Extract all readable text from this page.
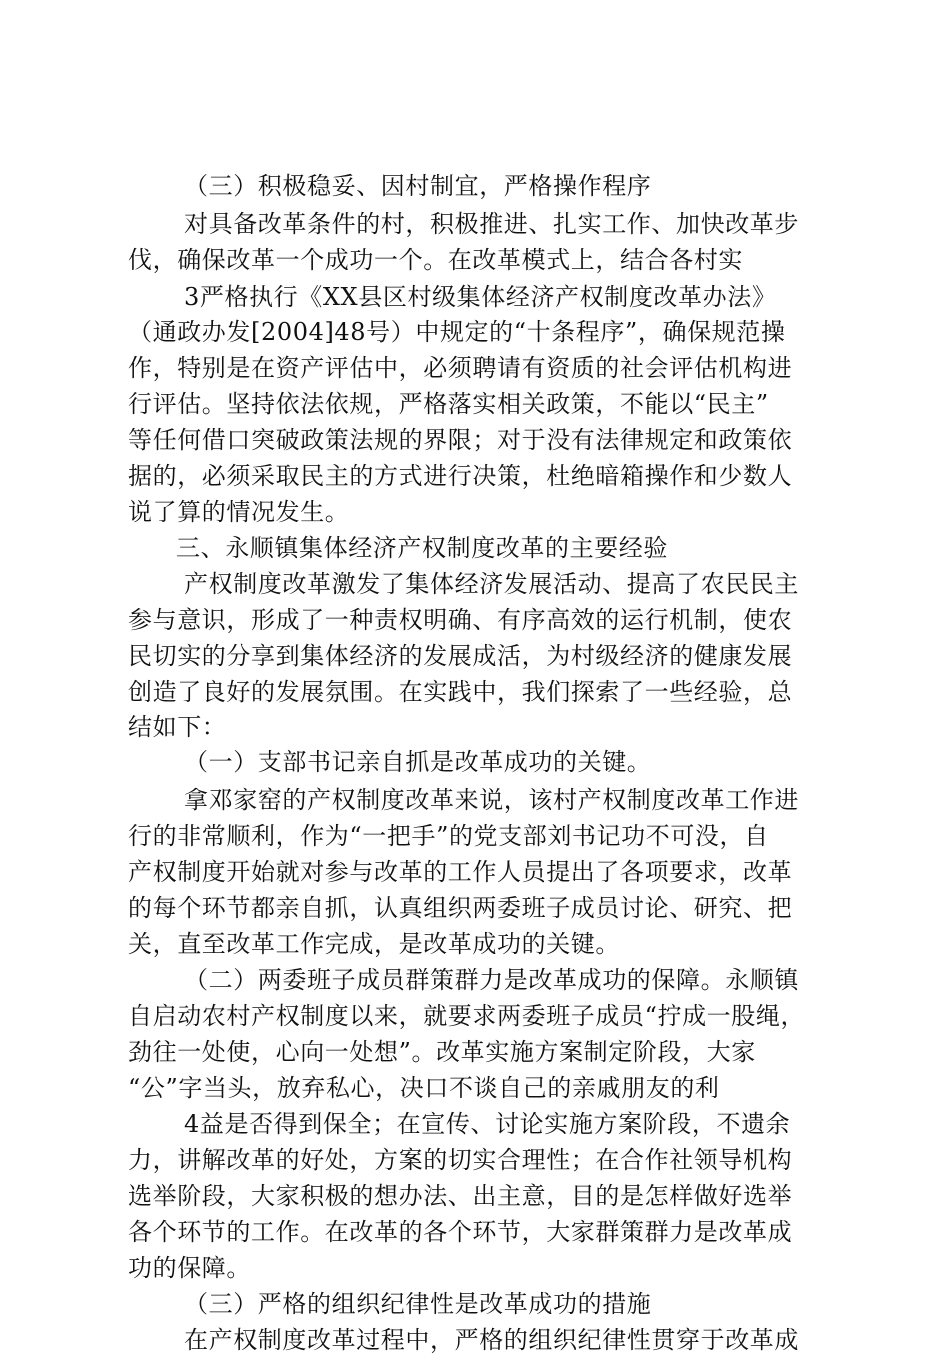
（三）积极稳妥、因村制宜，严格操作程序
对具备改革条件的村，积极推进、扎实工作、加快改革步
伐，确保改革一个成功一个。在改革模式上，结合各村实
3严格执行《XX县区村级集体经济产权制度改革办法》
（通政办发[2004]48号）中规定的“十条程序”，确保规范操
作，特别是在资产评估中，必须聘请有资质的社会评估机构进
行评估。坚持依法依规，严格落实相关政策，不能以“民主”
等任何借口突破政策法规的界限；对于没有法律规定和政策依
据的，必须采取民主的方式进行决策，杜绝暗箱操作和少数人
说了算的情况发生。
三、永顺镇集体经济产权制度改革的主要经验
产权制度改革激发了集体经济发展活动、提高了农民民主
参与意识，形成了一种责权明确、有序高效的运行机制，使农
民切实的分享到集体经济的发展成活，为村级经济的健康发展
创造了良好的发展氛围。在实践中，我们探索了一些经验，总
结如下：
（一）支部书记亲自抓是改革成功的关键。
拿邓家窑的产权制度改革来说，该村产权制度改革工作进
行的非常顺利，作为“一把手”的党支部刘书记功不可没，自
产权制度开始就对参与改革的工作人员提出了各项要求，改革
的每个环节都亲自抓，认真组织两委班子成员讨论、研究、把
关，直至改革工作完成，是改革成功的关键。
（二）两委班子成员群策群力是改革成功的保障。永顺镇
自启动农村产权制度以来，就要求两委班子成员“拧成一股绳，
劲往一处使，心向一处想”。改革实施方案制定阶段，大家
“公”字当头，放弃私心，决口不谈自己的亲戚朋友的利
4益是否得到保全；在宣传、讨论实施方案阶段，不遗余
力，讲解改革的好处，方案的切实合理性；在合作社领导机构
选举阶段，大家积极的想办法、出主意，目的是怎样做好选举
各个环节的工作。在改革的各个环节，大家群策群力是改革成
功的保障。
（三）严格的组织纪律性是改革成功的措施
在产权制度改革过程中，严格的组织纪律性贯穿于改革成
